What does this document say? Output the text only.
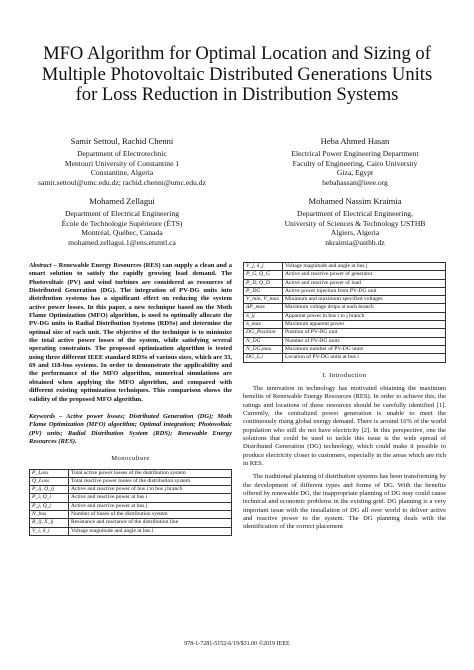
MFO Algorithm for Optimal Location and Sizing of
Multiple Photovoltaic Distributed Generations Units
for Loss Reduction in Distribution Systems
Samir Settoul, Rachid Chenni
Department of Electrotechnic
Mentouri University of Constantine 1
Constantine, Algeria
samir.settoul@umc.edu.dz; rachid.chenni@umc.edu.dz
Heba Ahmed Hasan
Electrical Power Engineering Department
Faculty of Engineering, Cairo University
Giza, Egypt
hebahassan@ieee.org
Mohamed Zellagui
Department of Electrical Engineering
École de Technologie Supérieure (ÉTS)
Montréal, Québec, Canada
mohamed.zellagui.1@ens.etsmtl.ca
Mohamed Nassim Kraimia
Department of Electrical Engineering,
University of Sciences & Technology USTHB
Algiers, Algeria
nkraimia@usthb.dz

Abstract – Renewable Energy Resources (RES) can supply a clean and a smart solution to satisfy the rapidly growing load demand. The Photovoltaic (PV) and wind turbines are considered as resources of Distributed Generation (DG). The integration of PV-DG units into distribution systems has a significant effect on reducing the system active power losses. In this paper, a new technique based on the Moth Flame Optimization (MFO) algorithm, is used to optimally allocate the PV-DG units in Radial Distribution Systems (RDSs) and determine the optimal size of each unit. The objective of the technique is to minimize the total active power losses of the system, while satisfying several operating constraints. The proposed optimization algorithm is tested using three different IEEE standard RDSs of various sizes, which are 33, 69 and 118-bus systems. In order to demonstrate the applicability and the performance of the MFO algorithm, numerical simulations are obtained when applying the MFO algorithm, and compared with different existing optimization techniques. This comparison shows the validity of the proposed MFO algorithm.

Keywords – Active power losses; Distributed Generation (DG); Moth Flame Optimization (MFO) algorithm; Optimal integration; Photovoltaic (PV) units; Radial Distribution System (RDS); Renewable Energy Resources (RES).

Monoculture
P_Loss	Total active power losses of the distribution system
Q_Loss	Total reactive power losses of the distribution system
P_ij, Q_ij	Active and reactive power of bus i to bus j branch
P_i, Q_i	Active and reactive power at bus i
P_j, Q_j	Active and reactive power at bus j
N_bus	Number of buses of the distribution system
R_ij, X_ij	Resistance and reactance of the distribution line
V_i, δ_i	Voltage magnitude and angle at bus i
V_j, δ_j	Voltage magnitude and angle at bus j
P_G, Q_G	Active and reactive power of generator
P_D, Q_D	Active and reactive power of load
P_DG	Active power injection from PV-DG unit
V_min, V_max	Minimum and maximum specified voltages
ΔP_max	Maximum voltage drops at each branch
S_ij	Apparent power in bus i to j branch
S_max	Maximum apparent power
DG_Position	Position of PV-DG unit
N_DG	Number of PV-DG units
N_DG,max	Maximum number of PV-DG units
DG_L,i	Location of PV-DG units at bus i
I. Introduction

The innovation in technology has motivated obtaining the maximum benefits of Renewable Energy Resources (RES). In order to achieve this, the ratings and locations of these resources should be carefully identified [1]. Currently, the centralized power generation is unable to meet the continuously rising global energy demand. There is around 16% of the world population who still do not have electricity [2]. In this perspective, one the solutions that could be used to tackle this issue is the wide spread of Distributed Generation (DG) technology, which could make it possible to produce electricity closer to customers, especially in the areas which are rich in RES.

The traditional planning of distribution systems has been transforming by the development of different types and forms of DG. With the benefits offered by renewable DG, the inappropriate planning of DG may could cause technical and economic problems in the existing grid. DG planning is a very important issue with the installation of DG all over world to deliver active and reactive power to the system. The DG planning deals with the identification of the correct placement

978-1-7281-5152-6/19/$31.00 ©2019 IEEE
